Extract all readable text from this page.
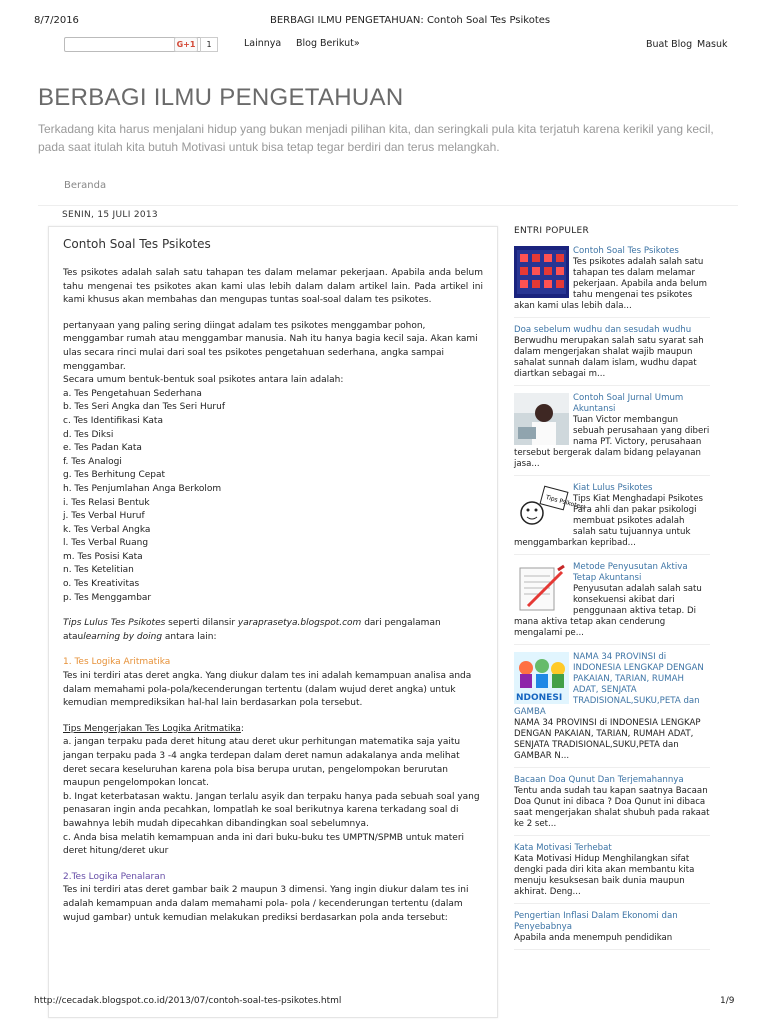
8/7/2016	BERBAGI ILMU PENGETAHUAN: Contoh Soal Tes Psikotes
G+1	1	Lainnya Blog Berikut»	Buat Blog Masuk
BERBAGI ILMU PENGETAHUAN
Terkadang kita harus menjalani hidup yang bukan menjadi pilihan kita, dan seringkali pula kita terjatuh karena kerikil yang kecil, pada saat itulah kita butuh Motivasi untuk bisa tetap tegar berdiri dan terus melangkah.
Beranda
SENIN, 15 JULI 2013
Contoh Soal Tes Psikotes

Tes psikotes adalah salah satu tahapan tes dalam melamar pekerjaan. Apabila anda belum tahu mengenai tes psikotes akan kami ulas lebih dalam dalam artikel lain. Pada artikel ini kami khusus akan membahas dan mengupas tuntas soal-soal dalam tes psikotes.

pertanyaan yang paling sering diingat adalam tes psikotes menggambar pohon, menggambar rumah atau menggambar manusia. Nah itu hanya bagia kecil saja. Akan kami ulas secara rinci mulai dari soal tes psikotes pengetahuan sederhana, angka sampai menggambar.
Secara umum bentuk-bentuk soal psikotes antara lain adalah:
a. Tes Pengetahuan Sederhana
b. Tes Seri Angka dan Tes Seri Huruf
c. Tes Identifikasi Kata
d. Tes Diksi
e. Tes Padan Kata
f. Tes Analogi
g. Tes Berhitung Cepat
h. Tes Penjumlahan Anga Berkolom
i. Tes Relasi Bentuk
j. Tes Verbal Huruf
k. Tes Verbal Angka
l. Tes Verbal Ruang
m. Tes Posisi Kata
n. Tes Ketelitian
o. Tes Kreativitas
p. Tes Menggambar

Tips Lulus Tes Psikotes seperti dilansir yaraprasetya.blogspot.com dari pengalaman ataulearning by doing antara lain:

1. Tes Logika Aritmatika

Tes ini terdiri atas deret angka. Yang diukur dalam tes ini adalah kemampuan analisa anda dalam memahami pola-pola/kecenderungan tertentu (dalam wujud deret angka) untuk kemudian memprediksikan hal-hal lain berdasarkan pola tersebut.

Tips Mengerjakan Tes Logika Aritmatika:
a. jangan terpaku pada deret hitung atau deret ukur perhitungan matematika saja yaitu jangan terpaku pada 3 -4 angka terdepan dalam deret namun adakalanya anda melihat deret secara keseluruhan karena pola bisa berupa urutan, pengelompokan berurutan maupun pengelompokan loncat.
b. Ingat keterbatasan waktu. Jangan terlalu asyik dan terpaku hanya pada sebuah soal yang penasaran ingin anda pecahkan, lompatlah ke soal berikutnya karena terkadang soal di bawahnya lebih mudah dipecahkan dibandingkan soal sebelumnya.

c. Anda bisa melatih kemampuan anda ini dari buku-buku tes UMPTN/SPMB untuk materi deret hitung/deret ukur

2.Tes Logika Penalaran
Tes ini terdiri atas deret gambar baik 2 maupun 3 dimensi. Yang ingin diukur dalam tes ini adalah kemampuan anda dalam memahami pola- pola / kecenderungan tertentu (dalam wujud gambar) untuk kemudian melakukan prediksi berdasarkan pola anda tersebut:
ENTRI POPULER
Contoh Soal Tes Psikotes
Tes psikotes adalah salah satu tahapan tes dalam melamar pekerjaan. Apabila anda belum tahu mengenai tes psikotes akan kami ulas lebih dala...
Doa sebelum wudhu dan sesudah wudhu
Berwudhu merupakan salah satu syarat sah dalam mengerjakan shalat wajib maupun sahalat sunnah dalam islam, wudhu dapat diartkan sebagai m...
Contoh Soal Jurnal Umum Akuntansi
Tuan Victor membangun sebuah perusahaan yang diberi nama PT. Victory, perusahaan tersebut bergerak dalam bidang pelayanan jasa...
Tips Psikotest
Kiat Lulus Psikotes
Tips Kiat Menghadapi Psikotes Para ahli dan pakar psikologi membuat psikotes adalah salah satu tujuannya untuk menggambarkan kepribad...
Metode Penyusutan Aktiva Tetap Akuntansi
Penyusutan adalah salah satu konsekuensi akibat dari penggunaan aktiva tetap. Di mana aktiva tetap akan cenderung mengalami pe...
NDONESI
NAMA 34 PROVINSI di INDONESIA LENGKAP DENGAN PAKAIAN, TARIAN, RUMAH ADAT, SENJATA TRADISIONAL,SUKU,PETA dan GAMBA
NAMA 34 PROVINSI di INDONESIA LENGKAP DENGAN PAKAIAN, TARIAN, RUMAH ADAT, SENJATA TRADISIONAL,SUKU,PETA dan GAMBAR N...
Bacaan Doa Qunut Dan Terjemahannya
Tentu anda sudah tau kapan saatnya Bacaan Doa Qunut ini dibaca ? Doa Qunut ini dibaca saat mengerjakan shalat shubuh pada rakaat ke 2 set...
Kata Motivasi Terhebat
Kata Motivasi Hidup Menghilangkan sifat dengki pada diri kita akan membantu kita menuju kesuksesan baik dunia maupun akhirat. Deng...
Pengertian Inflasi Dalam Ekonomi dan Penyebabnya
Apabila anda menempuh pendidikan
http://cecadak.blogspot.co.id/2013/07/contoh-soal-tes-psikotes.html	1/9
